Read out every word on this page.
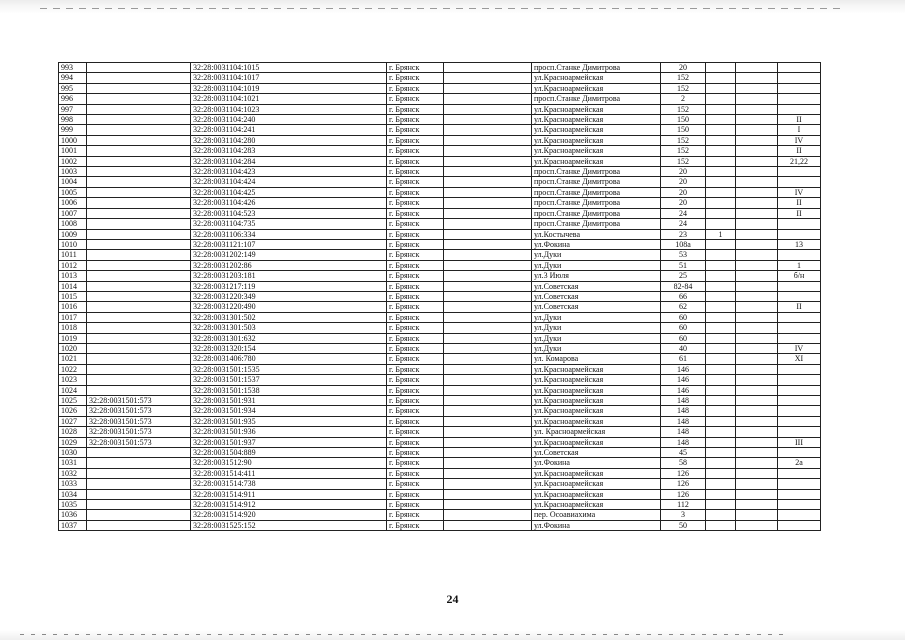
993		32:28:0031104:1015	г. Брянск		просп.Станке Димитрова	20			
994		32:28:0031104:1017	г. Брянск		ул.Красноармейская	152			
995		32:28:0031104:1019	г. Брянск		ул.Красноармейская	152			
996		32:28:0031104:1021	г. Брянск		просп.Станке Димитрова	2			
997		32:28:0031104:1023	г. Брянск		ул.Красноармейская	152			
998		32:28:0031104:240	г. Брянск		ул.Красноармейская	150			II
999		32:28:0031104:241	г. Брянск		ул.Красноармейская	150			I
1000		32:28:0031104:280	г. Брянск		ул.Красноармейская	152			IV
1001		32:28:0031104:283	г. Брянск		ул.Красноармейская	152			II
1002		32:28:0031104:284	г. Брянск		ул.Красноармейская	152			21,22
1003		32:28:0031104:423	г. Брянск		просп.Станке Димитрова	20			
1004		32:28:0031104:424	г. Брянск		просп.Станке Димитрова	20			
1005		32:28:0031104:425	г. Брянск		просп.Станке Димитрова	20			IV
1006		32:28:0031104:426	г. Брянск		просп.Станке Димитрова	20			II
1007		32:28:0031104:523	г. Брянск		просп.Станке Димитрова	24			II
1008		32:28:0031104:735	г. Брянск		просп.Станке Димитрова	24			
1009		32:28:0031106:334	г. Брянск		ул.Костычева	23	1		
1010		32:28:0031121:107	г. Брянск		ул.Фокина	108а			13
1011		32:28:0031202:149	г. Брянск		ул.Дуки	53			
1012		32:28:0031202:86	г. Брянск		ул.Дуки	51			1
1013		32:28:0031203:181	г. Брянск		ул.3 Июля	25			б/н
1014		32:28:0031217:119	г. Брянск		ул.Советская	82-84			
1015		32:28:0031220:349	г. Брянск		ул.Советская	66			
1016		32:28:0031220:490	г. Брянск		ул.Советская	62			II
1017		32:28:0031301:502	г. Брянск		ул.Дуки	60			
1018		32:28:0031301:503	г. Брянск		ул.Дуки	60			
1019		32:28:0031301:632	г. Брянск		ул.Дуки	60			
1020		32:28:0031320:154	г. Брянск		ул.Дуки	40			IV
1021		32:28:0031406:780	г. Брянск		ул. Комарова	61			XI
1022		32:28:0031501:1535	г. Брянск		ул.Красноармейская	146			
1023		32:28:0031501:1537	г. Брянск		ул.Красноармейская	146			
1024		32:28:0031501:1538	г. Брянск		ул.Красноармейская	146			
1025	32:28:0031501:573	32:28:0031501:931	г. Брянск		ул.Красноармейская	148			
1026	32:28:0031501:573	32:28:0031501:934	г. Брянск		ул.Красноармейская	148			
1027	32:28:0031501:573	32:28:0031501:935	г. Брянск		ул.Красноармейская	148			
1028	32:28:0031501:573	32:28:0031501:936	г. Брянск		ул. Красноармейская	148			
1029	32:28:0031501:573	32:28:0031501:937	г. Брянск		ул.Красноармейская	148			III
1030		32:28:0031504:889	г. Брянск		ул.Советская	45			
1031		32:28:0031512:90	г. Брянск		ул.Фокина	58			2а
1032		32:28:0031514:411	г. Брянск		ул.Красноармейская	126			
1033		32:28:0031514:738	г. Брянск		ул.Красноармейская	126			
1034		32:28:0031514:911	г. Брянск		ул.Красноармейская	126			
1035		32:28:0031514:912	г. Брянск		ул.Красноармейская	112			
1036		32:28:0031514:920	г. Брянск		пер. Осоавиахима	3			
1037		32:28:0031525:152	г. Брянск		ул.Фокина	50			
24
